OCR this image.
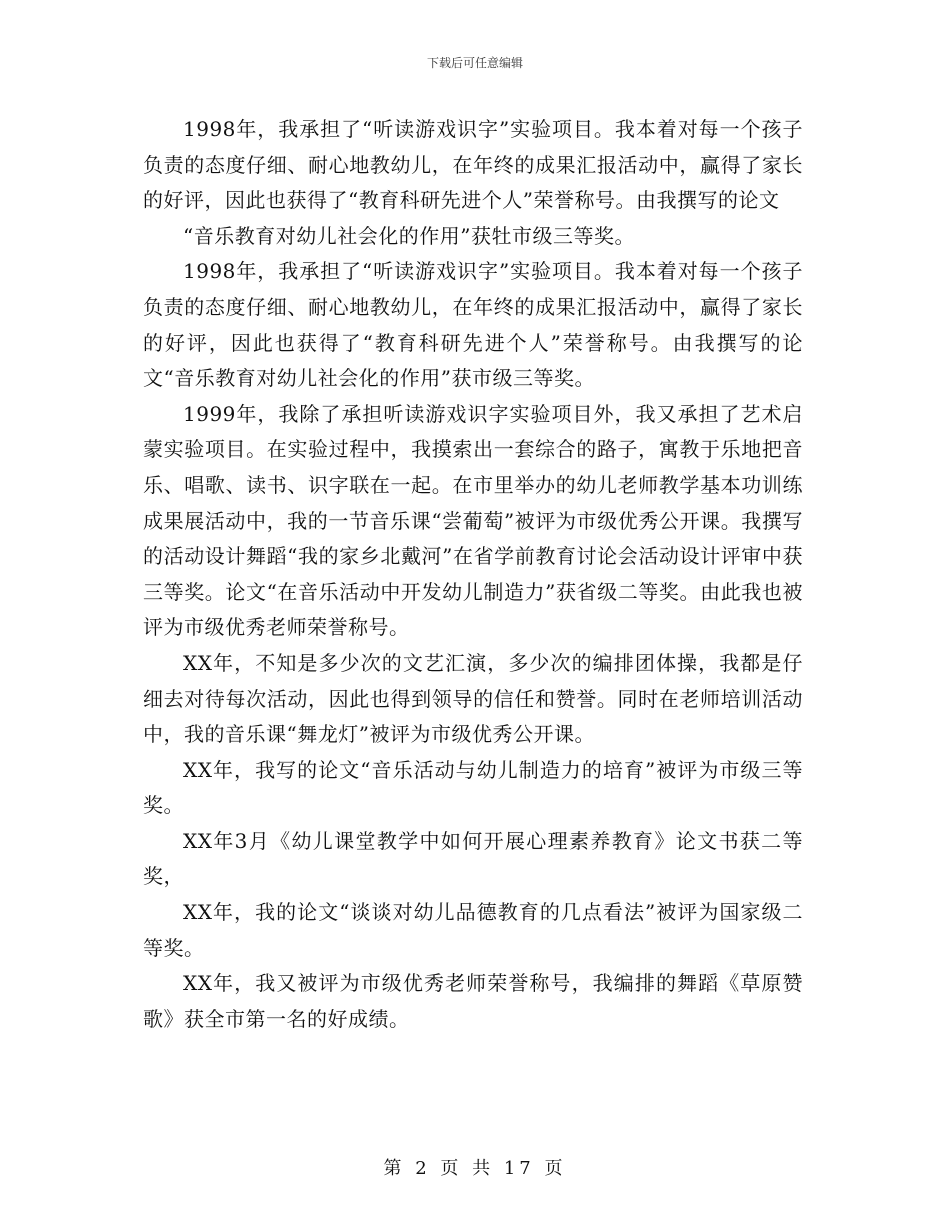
下载后可任意编辑

1998年，我承担了“听读游戏识字”实验项目。我本着对每一个孩子负责的态度仔细、耐心地教幼儿，在年终的成果汇报活动中，赢得了家长的好评，因此也获得了“教育科研先进个人”荣誉称号。由我撰写的论文

“音乐教育对幼儿社会化的作用”获牡市级三等奖。

1998年，我承担了“听读游戏识字”实验项目。我本着对每一个孩子负责的态度仔细、耐心地教幼儿，在年终的成果汇报活动中，赢得了家长的好评，因此也获得了“教育科研先进个人”荣誉称号。由我撰写的论文“音乐教育对幼儿社会化的作用”获市级三等奖。

1999年，我除了承担听读游戏识字实验项目外，我又承担了艺术启蒙实验项目。在实验过程中，我摸索出一套综合的路子，寓教于乐地把音乐、唱歌、读书、识字联在一起。在市里举办的幼儿老师教学基本功训练成果展活动中，我的一节音乐课“尝葡萄”被评为市级优秀公开课。我撰写的活动设计舞蹈“我的家乡北戴河”在省学前教育讨论会活动设计评审中获三等奖。论文“在音乐活动中开发幼儿制造力”获省级二等奖。由此我也被评为市级优秀老师荣誉称号。

XX年，不知是多少次的文艺汇演，多少次的编排团体操，我都是仔细去对待每次活动，因此也得到领导的信任和赞誉。同时在老师培训活动中，我的音乐课“舞龙灯”被评为市级优秀公开课。

XX年，我写的论文“音乐活动与幼儿制造力的培育”被评为市级三等奖。

XX年3月《幼儿课堂教学中如何开展心理素养教育》论文书获二等奖，

XX年，我的论文“谈谈对幼儿品德教育的几点看法”被评为国家级二等奖。

XX年，我又被评为市级优秀老师荣誉称号，我编排的舞蹈《草原赞歌》获全市第一名的好成绩。

第 2 页 共 17 页
